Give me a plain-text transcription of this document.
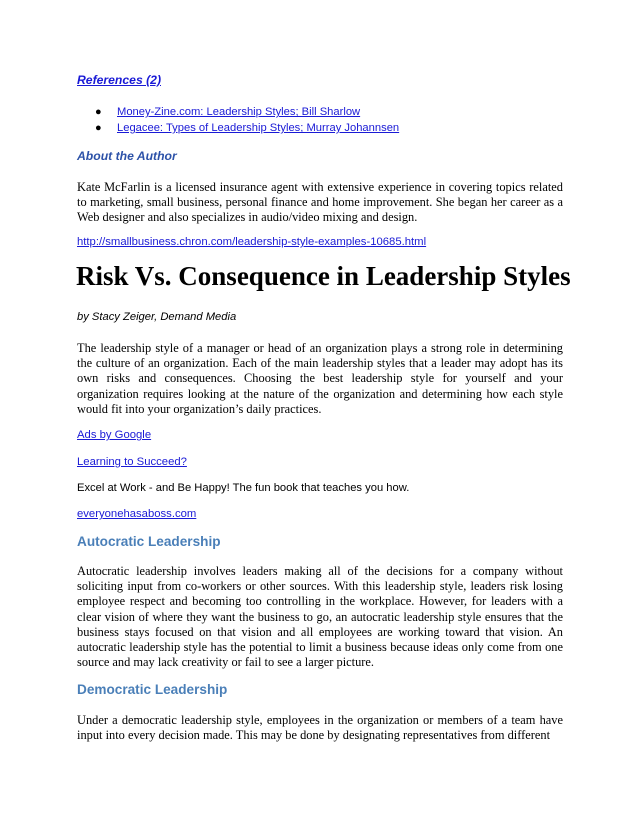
References (2)
● Money-Zine.com: Leadership Styles; Bill Sharlow
● Legacee: Types of Leadership Styles; Murray Johannsen
About the Author
Kate McFarlin is a licensed insurance agent with extensive experience in covering topics related to marketing, small business, personal finance and home improvement. She began her career as a Web designer and also specializes in audio/video mixing and design.
http://smallbusiness.chron.com/leadership-style-examples-10685.html
Risk Vs. Consequence in Leadership Styles
by Stacy Zeiger, Demand Media
The leadership style of a manager or head of an organization plays a strong role in determining the culture of an organization. Each of the main leadership styles that a leader may adopt has its own risks and consequences. Choosing the best leadership style for yourself and your organization requires looking at the nature of the organization and determining how each style would fit into your organization’s daily practices.
Ads by Google
Learning to Succeed?
Excel at Work - and Be Happy! The fun book that teaches you how.
everyonehasaboss.com
Autocratic Leadership
Autocratic leadership involves leaders making all of the decisions for a company without soliciting input from co-workers or other sources. With this leadership style, leaders risk losing employee respect and becoming too controlling in the workplace. However, for leaders with a clear vision of where they want the business to go, an autocratic leadership style ensures that the business stays focused on that vision and all employees are working toward that vision. An autocratic leadership style has the potential to limit a business because ideas only come from one source and may lack creativity or fail to see a larger picture.
Democratic Leadership
Under a democratic leadership style, employees in the organization or members of a team have input into every decision made. This may be done by designating representatives from different
